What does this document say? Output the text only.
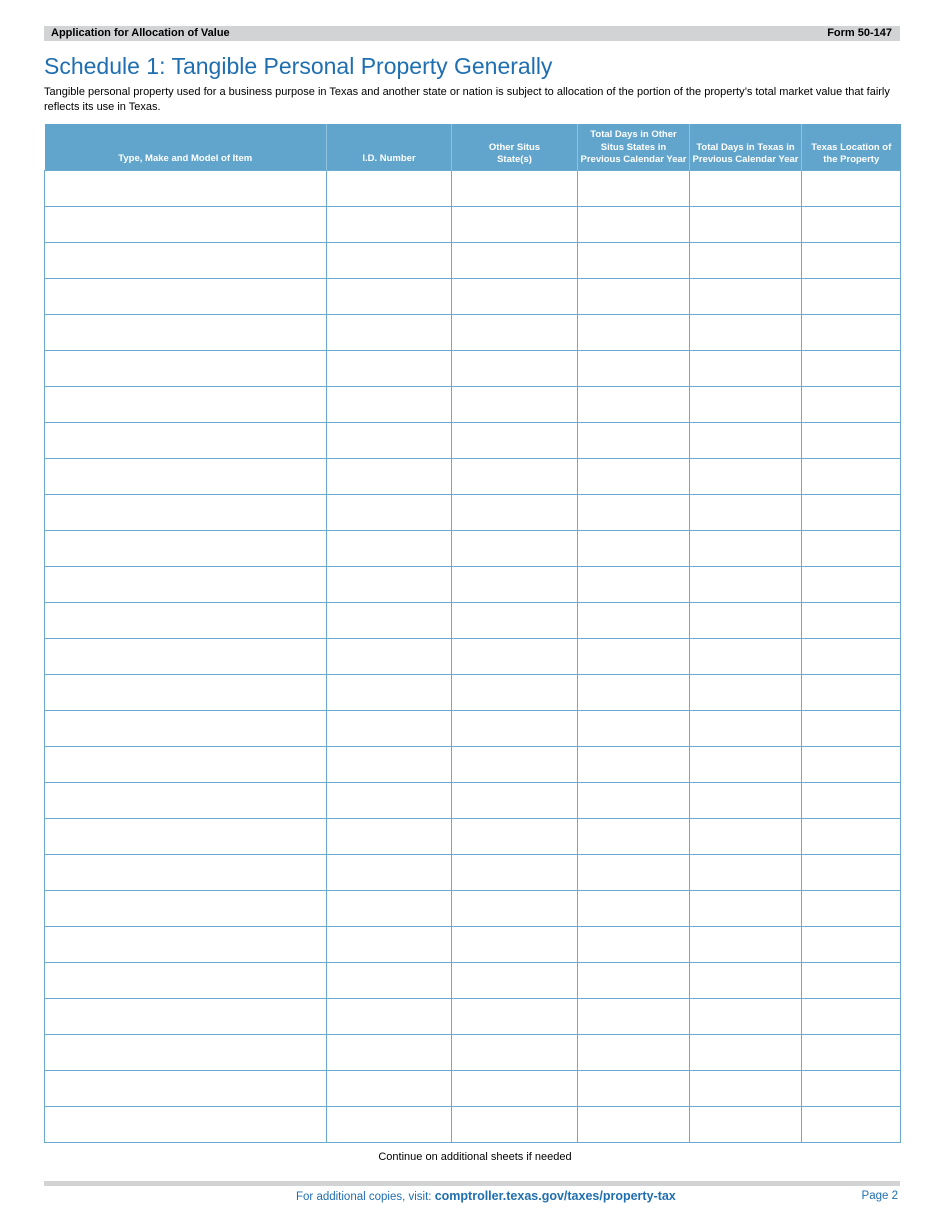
Application for Allocation of Value	Form 50-147
Schedule 1: Tangible Personal Property Generally

Tangible personal property used for a business purpose in Texas and another state or nation is subject to allocation of the portion of the property’s total market value that fairly reflects its use in Texas.

Type, Make and Model of Item	I.D. Number	Other Situs State(s)	Total Days in Other Situs States in Previous Calendar Year	Total Days in Texas in Previous Calendar Year	Texas Location of the Property

Continue on additional sheets if needed
For additional copies, visit: comptroller.texas.gov/taxes/property-tax	Page 2
